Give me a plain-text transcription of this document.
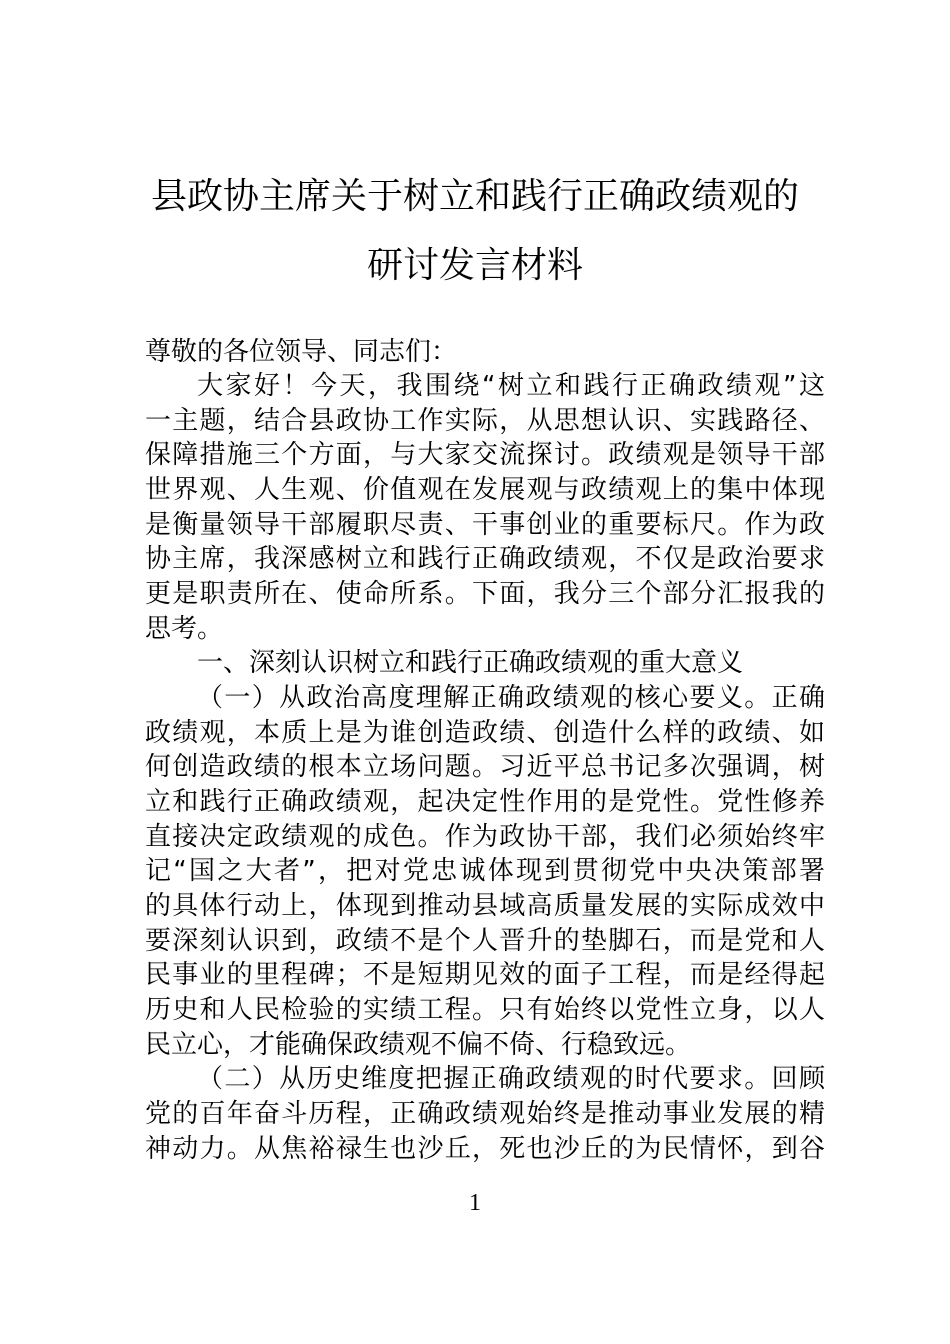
县政协主席关于树立和践行正确政绩观的
研讨发言材料
尊敬的各位领导、同志们：
大家好！今天，我围绕“树立和践行正确政绩观”这
一主题，结合县政协工作实际，从思想认识、实践路径、
保障措施三个方面，与大家交流探讨。政绩观是领导干部
世界观、人生观、价值观在发展观与政绩观上的集中体现
是衡量领导干部履职尽责、干事创业的重要标尺。作为政
协主席，我深感树立和践行正确政绩观，不仅是政治要求
更是职责所在、使命所系。下面，我分三个部分汇报我的
思考。
一、深刻认识树立和践行正确政绩观的重大意义
（一）从政治高度理解正确政绩观的核心要义。正确
政绩观，本质上是为谁创造政绩、创造什么样的政绩、如
何创造政绩的根本立场问题。习近平总书记多次强调，树
立和践行正确政绩观，起决定性作用的是党性。党性修养
直接决定政绩观的成色。作为政协干部，我们必须始终牢
记“国之大者”，把对党忠诚体现到贯彻党中央决策部署
的具体行动上，体现到推动县域高质量发展的实际成效中
要深刻认识到，政绩不是个人晋升的垫脚石，而是党和人
民事业的里程碑；不是短期见效的面子工程，而是经得起
历史和人民检验的实绩工程。只有始终以党性立身，以人
民立心，才能确保政绩观不偏不倚、行稳致远。
（二）从历史维度把握正确政绩观的时代要求。回顾
党的百年奋斗历程，正确政绩观始终是推动事业发展的精
神动力。从焦裕禄生也沙丘，死也沙丘的为民情怀，到谷
1
